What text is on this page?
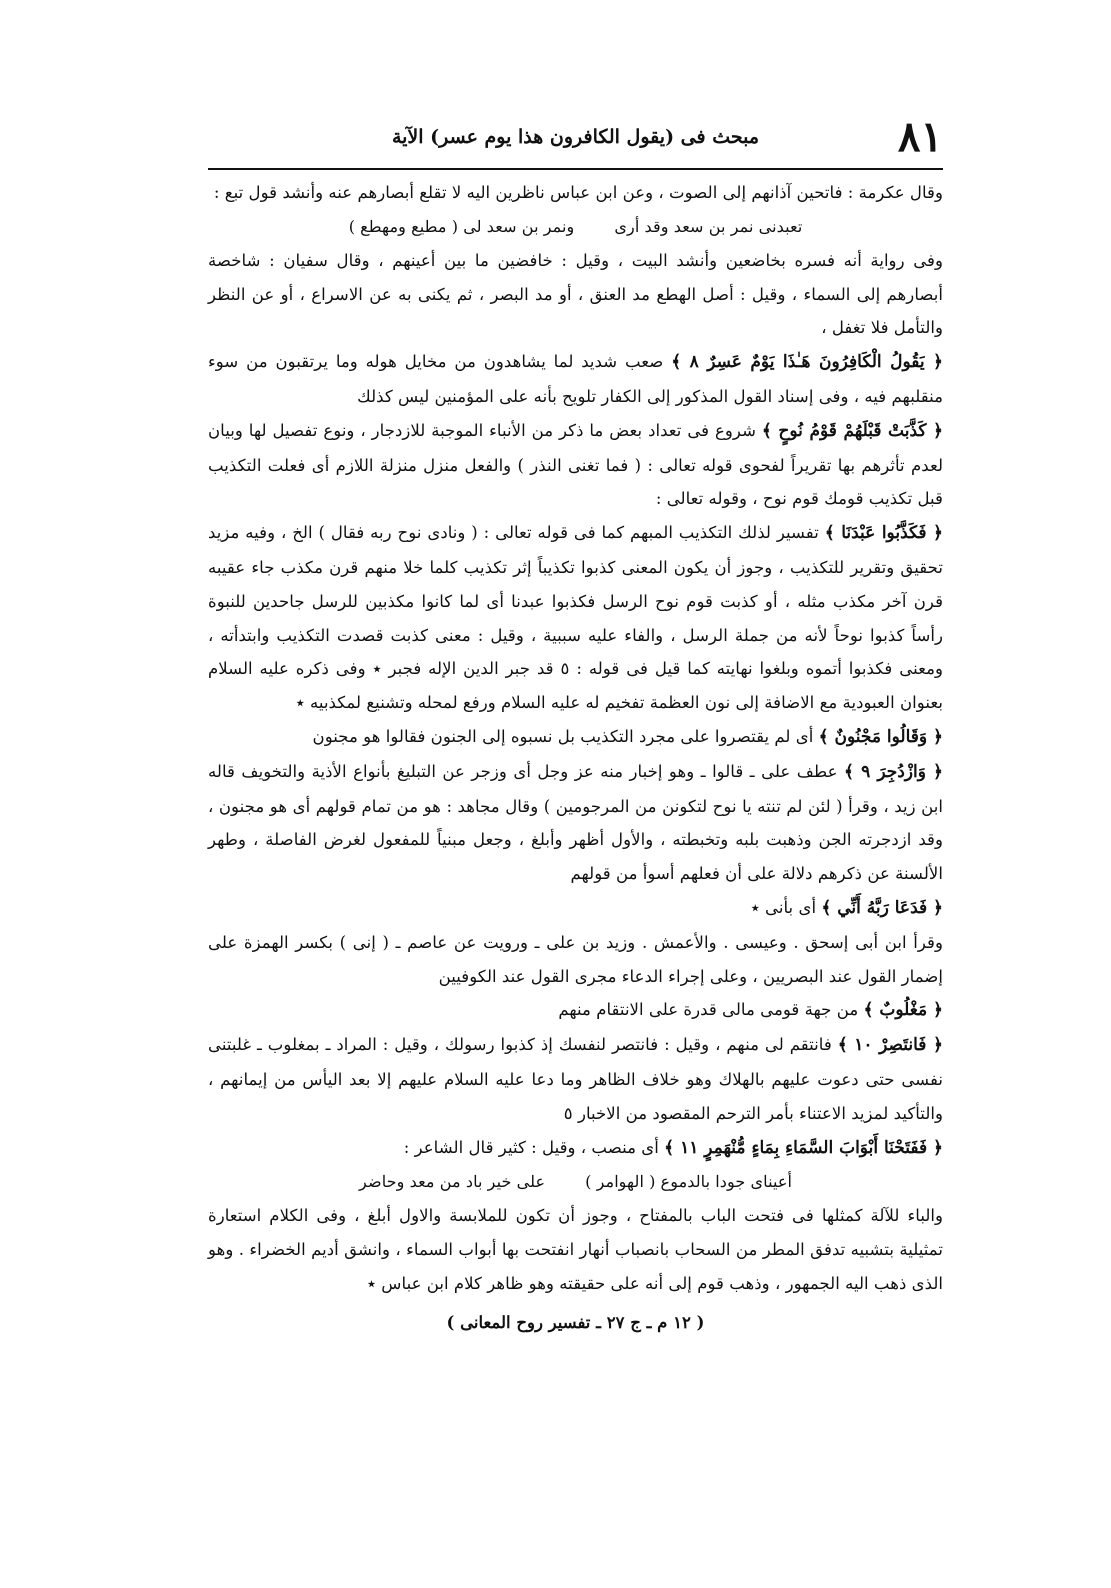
٨١
مبحث فى (يقول الكافرون هذا يوم عسر) الآية

وقال عكرمة : فاتحين آذانهم إلى الصوت ، وعن ابن عباس ناظرين اليه لا تقلع أبصارهم عنه وأنشد قول تبع :

تعبدنى نمر بن سعد وقد أرى
ونمر بن سعد لى ( مطيع ومهطع )

وفى رواية أنه فسره بخاضعين وأنشد البيت ، وقيل : خافضين ما بين أعينهم ، وقال سفيان : شاخصة أبصارهم إلى السماء ، وقيل : أصل الهطع مد العنق ، أو مد البصر ، ثم يكنى به عن الاسراع ، أو عن النظر والتأمل فلا تغفل ،

﴿ يَقُولُ الْكَافِرُونَ هَـٰذَا يَوْمٌ عَسِرٌ ٨ ﴾ صعب شديد لما يشاهدون من مخايل هوله وما يرتقبون من سوء منقلبهم فيه ، وفى إسناد القول المذكور إلى الكفار تلويح بأنه على المؤمنين ليس كذلك

﴿ كَذَّبَتْ قَبْلَهُمْ قَوْمُ نُوحٍ ﴾ شروع فى تعداد بعض ما ذكر من الأنباء الموجبة للازدجار ، ونوع تفصيل لها وبيان لعدم تأثرهم بها تقريراً لفحوى قوله تعالى : ( فما تغنى النذر ) والفعل منزل منزلة اللازم أى فعلت التكذيب قبل تكذيب قومك قوم نوح ، وقوله تعالى :

﴿ فَكَذَّبُوا عَبْدَنَا ﴾ تفسير لذلك التكذيب المبهم كما فى قوله تعالى : ( ونادى نوح ربه فقال ) الخ ، وفيه مزيد تحقيق وتقرير للتكذيب ، وجوز أن يكون المعنى كذبوا تكذيباً إثر تكذيب كلما خلا منهم قرن مكذب جاء عقيبه قرن آخر مكذب مثله ، أو كذبت قوم نوح الرسل فكذبوا عبدنا أى لما كانوا مكذبين للرسل جاحدين للنبوة رأساً كذبوا نوحاً لأنه من جملة الرسل ، والفاء عليه سببية ، وقيل : معنى كذبت قصدت التكذيب وابتدأته ، ومعنى فكذبوا أتموه وبلغوا نهايته كما قيل فى قوله : ٥ قد جبر الدين الإله فجبر ٭ وفى ذكره عليه السلام بعنوان العبودية مع الاضافة إلى نون العظمة تفخيم له عليه السلام ورفع لمحله وتشنيع لمكذبيه ٭

﴿ وَقَالُوا مَجْنُونٌ ﴾ أى لم يقتصروا على مجرد التكذيب بل نسبوه إلى الجنون فقالوا هو مجنون

﴿ وَازْدُجِرَ ٩ ﴾ عطف على ـ قالوا ـ وهو إخبار منه عز وجل أى وزجر عن التبليغ بأنواع الأذية والتخويف قاله ابن زيد ، وقرأ ( لئن لم تنته يا نوح لتكونن من المرجومين ) وقال مجاهد : هو من تمام قولهم أى هو مجنون ، وقد ازدجرته الجن وذهبت بلبه وتخبطته ، والأول أظهر وأبلغ ، وجعل مبنياً للمفعول لغرض الفاصلة ، وطهر الألسنة عن ذكرهم دلالة على أن فعلهم أسوأ من قولهم

﴿ فَدَعَا رَبَّهُ أَنِّي ﴾ أى بأنى ٭

وقرأ ابن أبى إسحق . وعيسى . والأعمش . وزيد بن على ـ ورويت عن عاصم ـ ( إنى ) بكسر الهمزة على إضمار القول عند البصريين ، وعلى إجراء الدعاء مجرى القول عند الكوفيين

﴿ مَغْلُوبٌ ﴾ من جهة قومى مالى قدرة على الانتقام منهم

﴿ فَانتَصِرْ ١٠ ﴾ فانتقم لى منهم ، وقيل : فانتصر لنفسك إذ كذبوا رسولك ، وقيل : المراد ـ بمغلوب ـ غلبتنى نفسى حتى دعوت عليهم بالهلاك وهو خلاف الظاهر وما دعا عليه السلام عليهم إلا بعد اليأس من إيمانهم ، والتأكيد لمزيد الاعتناء بأمر الترحم المقصود من الاخبار ٥

﴿ فَفَتَحْنَا أَبْوَابَ السَّمَاءِ بِمَاءٍ مُّنْهَمِرٍ ١١ ﴾ أى منصب ، وقيل : كثير قال الشاعر :

أعيناى جودا بالدموع ( الهوامر )
على خير باد من معد وحاضر

والباء للآلة كمثلها فى فتحت الباب بالمفتاح ، وجوز أن تكون للملابسة والاول أبلغ ، وفى الكلام استعارة تمثيلية بتشبيه تدفق المطر من السحاب بانصباب أنهار انفتحت بها أبواب السماء ، وانشق أديم الخضراء . وهو الذى ذهب اليه الجمهور ، وذهب قوم إلى أنه على حقيقته وهو ظاهر كلام ابن عباس ٭

( ١٢ م ـ ج ٢٧ ـ تفسير روح المعانى )
